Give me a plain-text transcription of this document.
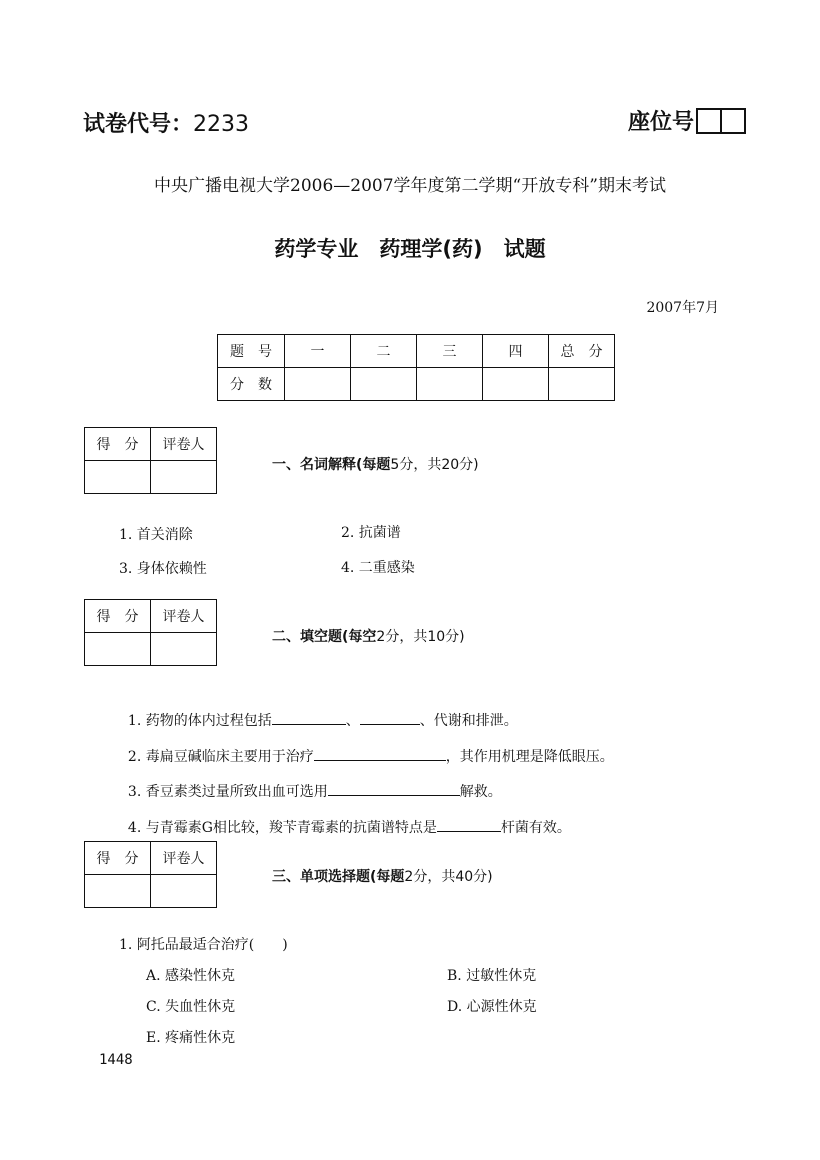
试卷代号：2233	座位号
中央广播电视大学2006—2007学年度第二学期“开放专科”期末考试
药学专业　药理学(药)　试题
2007年7月
题　号	一	二	三	四	总　分
分　数					
得　分	评卷人

一、名词解释(每题5分，共20分)
1. 首关消除	2. 抗菌谱
3. 身体依赖性	4. 二重感染
得　分	评卷人

二、填空题(每空2分，共10分)

1. 药物的体内过程包括	、	、代谢和排泄。

2. 毒扁豆碱临床主要用于治疗	，其作用机理是降低眼压。

3. 香豆素类过量所致出血可选用	解救。

4. 与青霉素G相比较，羧苄青霉素的抗菌谱特点是	杆菌有效。

得　分	评卷人

三、单项选择题(每题2分，共40分)
1. 阿托品最适合治疗(　　)
A. 感染性休克	B. 过敏性休克
C. 失血性休克	D. 心源性休克
E. 疼痛性休克
1448
